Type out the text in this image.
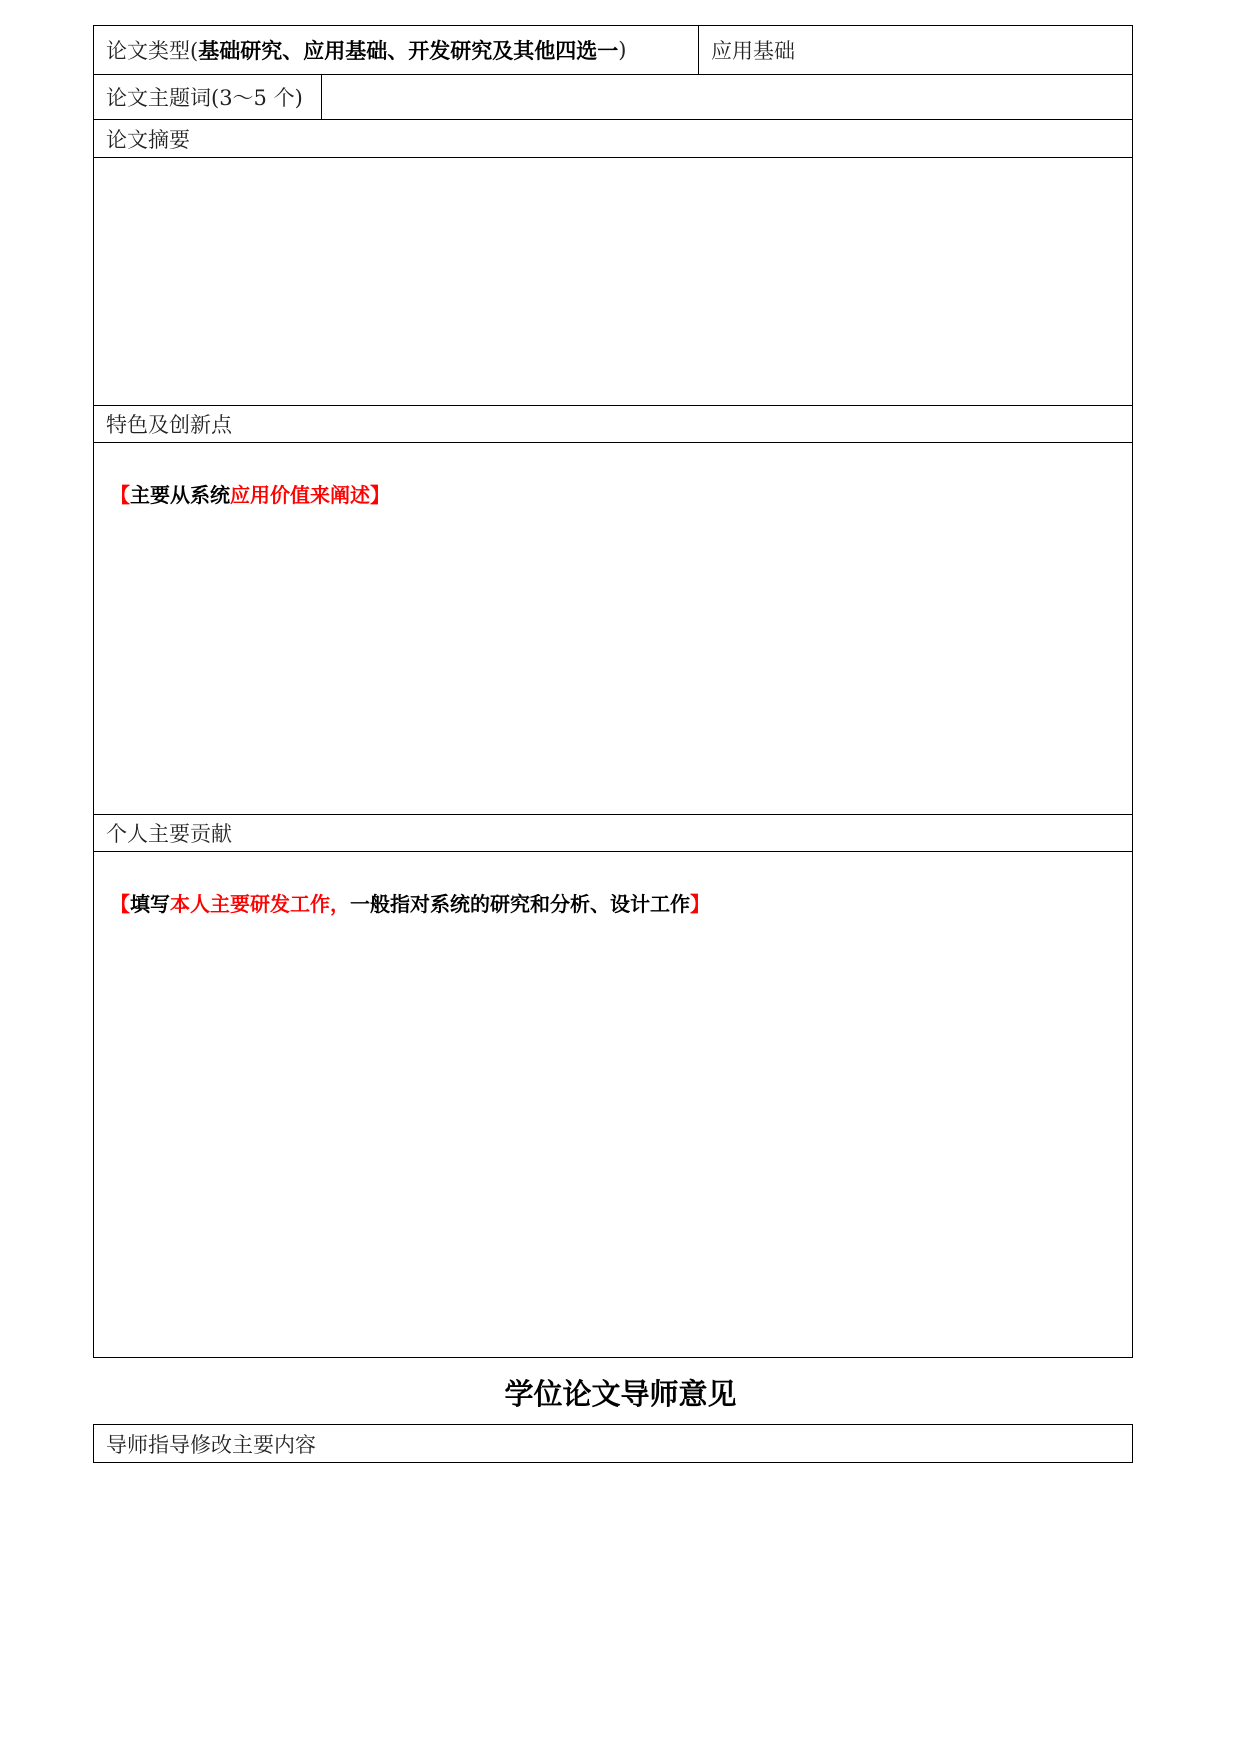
论文类型( 基础研究、应用基础、开发研究及其他四选一 )	应用基础
论文主题词(3～5 个)
论文摘要
特色及创新点
【主要从系统应用价值来阐述】
个人主要贡献
【填写本人主要研发工作，一般指对系统的研究和分析、设计工作】
学位论文导师意见
导师指导修改主要内容
